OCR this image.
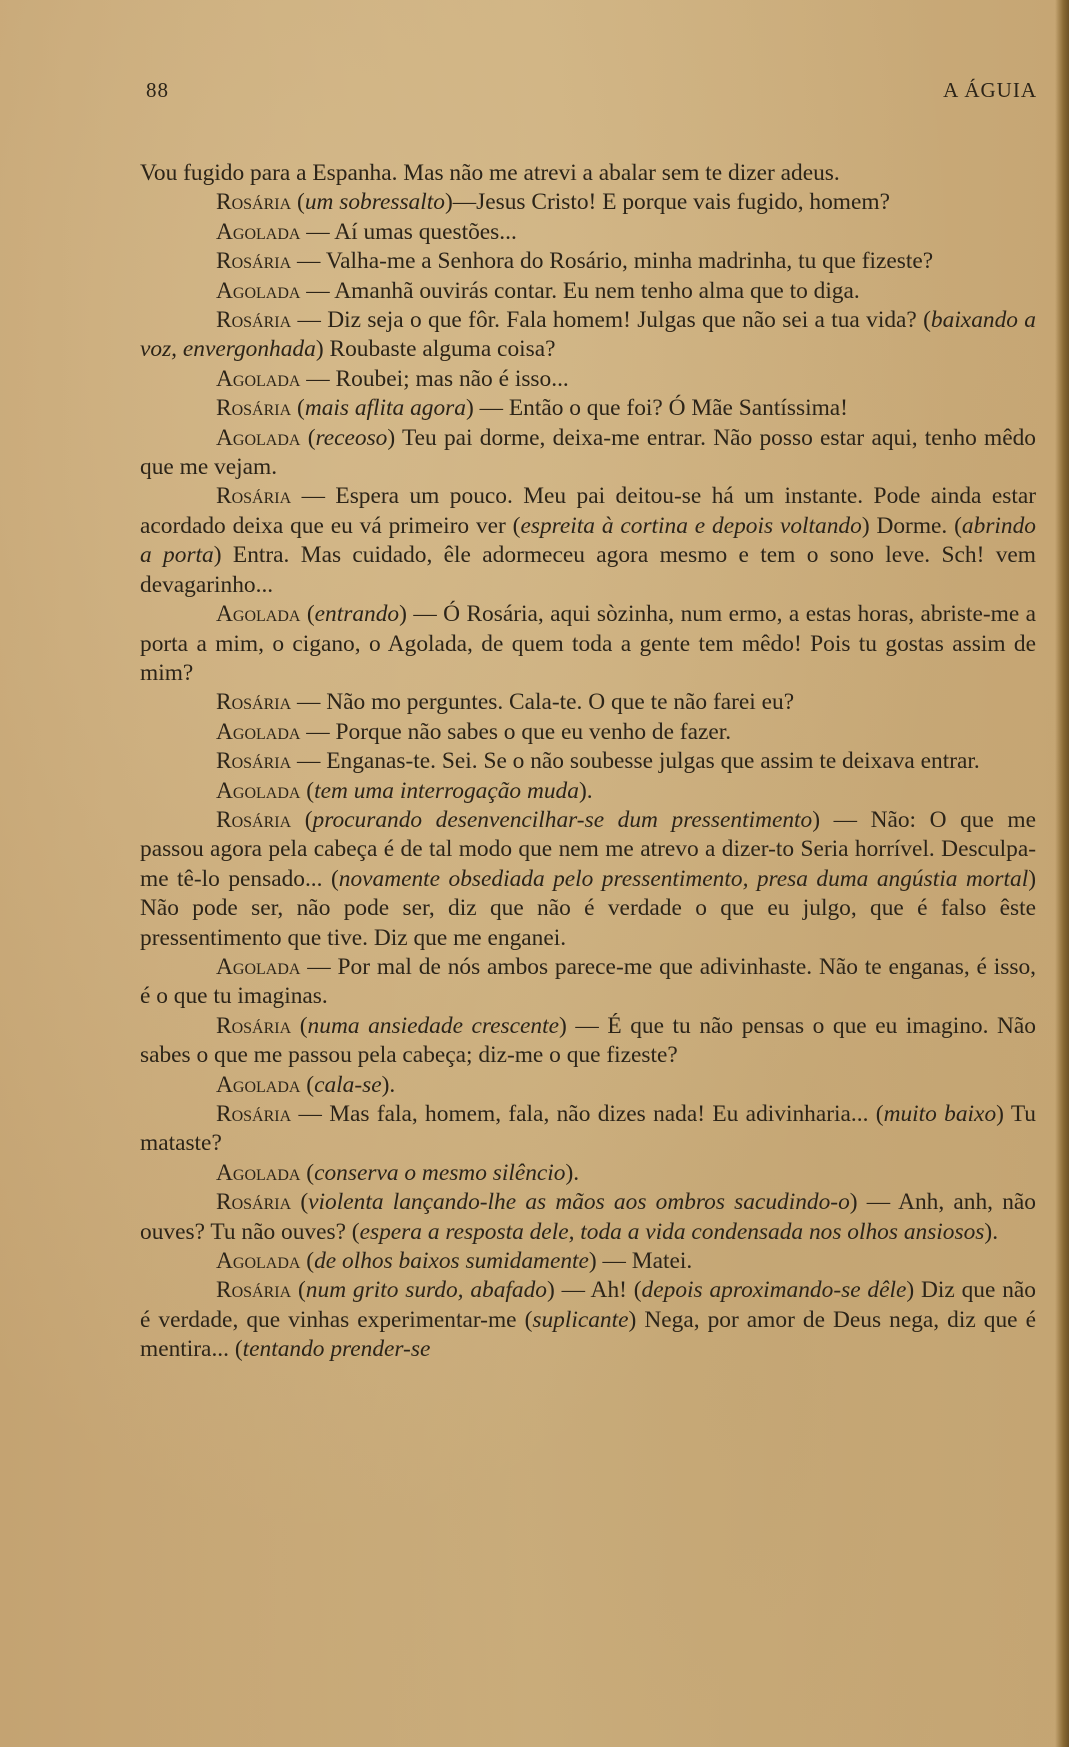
88	A ÁGUIA

Vou fugido para a Espanha. Mas não me atrevi a abalar sem te dizer adeus.

Rosária (um sobressalto)—Jesus Cristo! E porque vais fugido, homem?

Agolada — Aí umas questões...

Rosária — Valha-me a Senhora do Rosário, minha madrinha, tu que fizeste?

Agolada — Amanhã ouvirás contar. Eu nem tenho alma que to diga.

Rosária — Diz seja o que fôr. Fala homem! Julgas que não sei a tua vida? (baixando a voz, envergonhada) Roubaste alguma coisa?

Agolada — Roubei; mas não é isso...

Rosária (mais aflita agora) — Então o que foi? Ó Mãe Santíssima!

Agolada (receoso) Teu pai dorme, deixa-me entrar. Não posso estar aqui, tenho mêdo que me vejam.

Rosária — Espera um pouco. Meu pai deitou-se há um instante. Pode ainda estar acordado deixa que eu vá primeiro ver (espreita à cortina e depois voltando) Dorme. (abrindo a porta) Entra. Mas cuidado, êle adormeceu agora mesmo e tem o sono leve. Sch! vem devagarinho...

Agolada (entrando) — Ó Rosária, aqui sòzinha, num ermo, a estas horas, abriste-me a porta a mim, o cigano, o Agolada, de quem toda a gente tem mêdo! Pois tu gostas assim de mim?

Rosária — Não mo perguntes. Cala-te. O que te não farei eu?

Agolada — Porque não sabes o que eu venho de fazer.

Rosária — Enganas-te. Sei. Se o não soubesse julgas que assim te deixava entrar.

Agolada (tem uma interrogação muda).

Rosária (procurando desenvencilhar-se dum pressentimento) — Não: O que me passou agora pela cabeça é de tal modo que nem me atrevo a dizer-to Seria horrível. Desculpa-me tê-lo pensado... (novamente obsediada pelo pressentimento, presa duma angústia mortal) Não pode ser, não pode ser, diz que não é verdade o que eu julgo, que é falso êste pressentimento que tive. Diz que me enganei.

Agolada — Por mal de nós ambos parece-me que adivinhaste. Não te enganas, é isso, é o que tu imaginas.

Rosária (numa ansiedade crescente) — É que tu não pensas o que eu imagino. Não sabes o que me passou pela cabeça; diz-me o que fizeste?

Agolada (cala-se).

Rosária — Mas fala, homem, fala, não dizes nada! Eu adivinharia... (muito baixo) Tu mataste?

Agolada (conserva o mesmo silêncio).

Rosária (violenta lançando-lhe as mãos aos ombros sacudindo-o) — Anh, anh, não ouves? Tu não ouves? (espera a resposta dele, toda a vida condensada nos olhos ansiosos).

Agolada (de olhos baixos sumidamente) — Matei.

Rosária (num grito surdo, abafado) — Ah! (depois aproximando-se dêle) Diz que não é verdade, que vinhas experimentar-me (suplicante) Nega, por amor de Deus nega, diz que é mentira... (tentando prender-se
